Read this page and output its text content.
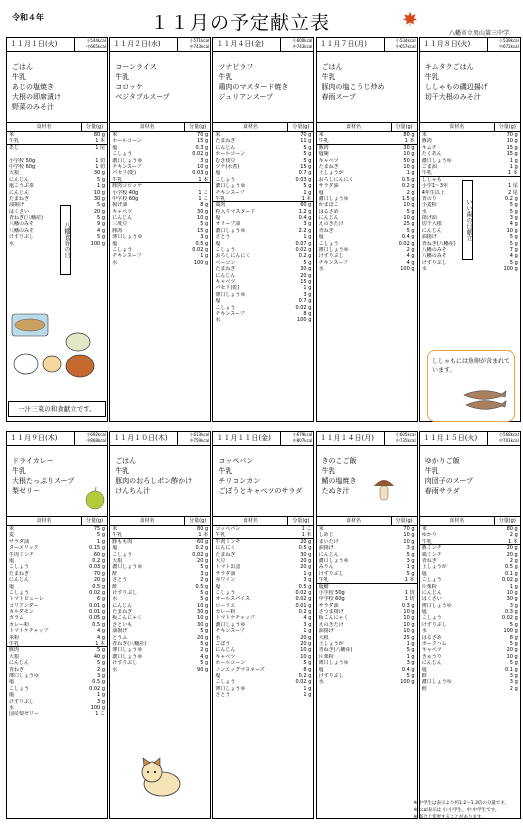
令和４年	１１月の予定献立表	八幡市立男山第三中学
１１月１日(火)	小544kcal
中665kcal
ごはん
牛乳
あじの塩焼き
大根の即席漬け
野菜のみそ汁
食材名	分量(g)
米	80 g
牛乳	1 本
あじ	1 尾
小学校 50g	1 切
中学校 60g	1 切
大根	30 g
にんじん	5 g
塩こうぶ茶	1 g
にんじん	10 g
たまねぎ	30 g
油揚げ	5 g
はくさい	20 g
青ねぎ(八幡産)	5 g
八幡のみそ	9 g
八幡のみそ	4 g
けずりぶし	5 g
水	100 g
１１月２日(水)	小571kcal
中743kcal
コーンライス
牛乳
コロッケ
ベジタブルスープ
食材名	分量(g)
米	70 g
ホールコーン	15 g
塩	0.3 g
こしょう	0.02 g
濃口しょうゆ	3 g
チキンスープ	10 g
パセリ(乾)	0.03 g
牛乳	1 本
豚肉コロッケ
小学校 40g	1 こ
中学校 60g	1 こ
揚げ油	8 g
キャベツ	30 g
にんじん	10 g
三度豆	5 g
豚肉	15 g
薄口しょうゆ	3 g
塩	0.5 g
こしょう	0.02 g
チキンスープ	1 g
水	100 g
１１月４日(金)	小600kcal
中743kcal
ツナピラフ
牛乳
鶏肉のマスタード焼き
ジュリアンスープ
食材名	分量(g)
米	70 g
たまねぎ	11 g
にんじん	5 g
ホールコーン	5 g
むき枝豆	5 g
ツナ(水煮)	15 g
塩	0.7 g
こしょう	0.03 g
濃口しょうゆ	5 g
チキンスープ	1 g
牛乳	1 本
鶏肉	60 g
粒入りマスタード	1.2 g
塩	0.4 g
オリーブ油	3 g
濃口しょうゆ	2.2 g
さとう	1 g
塩	0.07 g
こしょう	0.02 g
おろしにんにく	0.2 g
ベーコン	5 g
たまねぎ	30 g
にんじん	20 g
キャベツ	15 g
パセリ(乾)	1 g
薄口しょうゆ	3 g
塩	0.7 g
こしょう	0.02 g
チキンスープ	8 g
水	100 g
１１月７日(月)	小534kcal
中657kcal
ごはん
牛乳
豚肉の塩こうじ炒め
春雨スープ
食材名	分量(g)
米	80 g
牛乳	1 本
豚肉	30 g
塩麹	10 g
キャベツ	50 g
たまねぎ	10 g
土しょうが	1 g
おろしにんにく	0.5 g
サラダ油	0.2 g
塩	2 g
濃口しょうゆ	1.5 g
かまぼこ	10 g
はるさめ	5 g
にんじん	10 g
えのきたけ	25 g
青ねぎ	5 g
塩	0.4 g
こしょう	0.02 g
薄口しょうゆ	2 g
けずりぶし	4 g
チキンスープ	4 g
水	100 g
１１月８日(火)	小539kcal
中672kcal
キムタクごはん
牛乳
ししゃもの磯辺揚げ
切干大根のみそ汁
食材名	分量(g)
米	70 g
豚肉	10 g
キムチ	15 g
たくあん	15 g
濃口しょうゆ	1 g
ごま油	1 g
牛乳	1 本
ししゃも
小学1～3年	1 尾
4年生以上	2 尾
青のり	0.2 g
小麦粉	5 g
水	5 g
揚げ油	3 g
切干大根	4 g
にんじん	10 g
油揚げ	5 g
青ねぎ(八幡産)	5 g
八幡のみそ	7 g
八幡のみそ	4 g
けずりぶし	5 g
水	100 g
１１月９日(木)	小692kcal
中868kcal
ドライカレー
牛乳
大根たっぷりスープ
梨ゼリー
食材名	分量(g)
米	75 g
麦	5 g
サラダ油	1 g
ターメリック	0.15 g
牛肉ミンチ	60 g
塩	0.2 g
こしょう	0.03 g
たまねぎ	70 g
にんじん	20 g
塩	0.5 g
こしょう	0.02 g
トマトピューレ	6 g
コリアンダー	0.01 g
カルダモン	0.01 g
ガラム	0.05 g
カレー粉	0.5 g
トマトケチャップ	4 g
米粉	4 g
牛乳	1 本
豚肉	5 g
大根	40 g
にんじん	5 g
青ねぎ	2 g
薄口しょうゆ	3 g
塩	0.5 g
こしょう	0.02 g
塩	1 g
けずりぶし	3 g
水	100 g
国産梨ゼリー	1 こ
１１月１０日(木)	小613kcal
中759kcal
ごはん
牛乳
豚肉のおろしポン酢かけ
けんちん汁
食材名	分量(g)
米	80 g
牛乳	1 本
豚もも肉	60 g
塩	0.2 g
こしょう	0.02 g
大根	20 g
濃口しょうゆ	5 g
酢	3 g
さとう	2 g
酢	0.5 g
けずりぶし	5 g
水	5 g
にんじん	10 g
たまねぎ	30 g
板こんにゃく	10 g
さといも	30 g
油揚げ	5 g
とうふ	20 g
青ねぎ(八幡産)	5 g
薄口しょうゆ	2 g
濃口しょうゆ	4 g
けずりぶし	5 g
水	90 g
１１月１１日(金)	小679kcal
中807kcal
コッペパン
牛乳
チリコンカン
ごぼうとキャベツのサラダ
食材名	分量(g)
コッペパン	1 こ
牛乳	1 本
牛肉ミンチ	20 g
にんにく	0.5 g
たまねぎ	30 g
大豆	20 g
トマト缶詰	20 g
サラダ油	1 g
赤ワイン	3 g
塩	0.5 g
こしょう	0.02 g
オールスパイス	0.02 g
ローリエ	0.01 g
カレー粉	0.2 g
トマトケチャップ	4 g
濃口しょうゆ	3 g
チキンスープ	1 g
水	20 g
ごぼう	20 g
にんじん	10 g
キャベツ	10 g
ホールコーン	5 g
ノンエッグマヨネーズ	8 g
塩	0.2 g
こしょう	0.02 g
薄口しょうゆ	1 g
さとう	1 g
１１月１４日(月)	小605kcal
中735kcal
きのこご飯
牛乳
鯖の塩焼き
たぬき汁
食材名	分量(g)
米	70 g
しめじ	10 g
まいたけ	10 g
油揚げ	3 g
にんじん	5 g
濃口しょうゆ	3 g
みりん	1 g
けずりぶし	5 g
牛乳	1 本
塩鯖
小学校 50g	1 切
中学校 60g	1 切
サラダ油	0.3 g
さつま揚げ	10 g
板こんにゃく	10 g
えのきたけ	10 g
油揚げ	10 g
大根	25 g
土しょうが	1 g
青ねぎ(八幡産)	5 g
片栗粉	1 g
薄口しょうゆ	3 g
塩	0.4 g
けずりぶし	5 g
水	100 g
１１月１５日(火)	小568kcal
中701kcal
ゆかりご飯
牛乳
肉団子のスープ
春雨サラダ
食材名	分量(g)
米	80 g
ゆかり	2 g
牛乳	1 本
豚ミンチ	20 g
鶏ミンチ	20 g
青ねぎ	2 g
土しょうが	0.5 g
塩	0.1 g
こしょう	0.02 g
片栗粉	1 g
にんじん	10 g
はくさい	30 g
薄口しょうゆ	3 g
塩	0.3 g
こしょう	0.02 g
けずりぶし	5 g
水	100 g
はるさめ	8 g
ボークハム	5 g
キャベツ	20 g
きゅうり	10 g
にんじん	5 g
塩	0.1 g
酢	3 g
濃口しょうゆ	3 g
酢	2 g
八幡食育の日	いい歯の日献立
一汁三菜の和食献立です。
ししゃもには魚卵が含まれています。
※ 中学生は表示より約1.2～1.3倍の分量です。
※ kcal表示は 小:小学生、中:中学生です。
※ 都合上変更することがあります。
